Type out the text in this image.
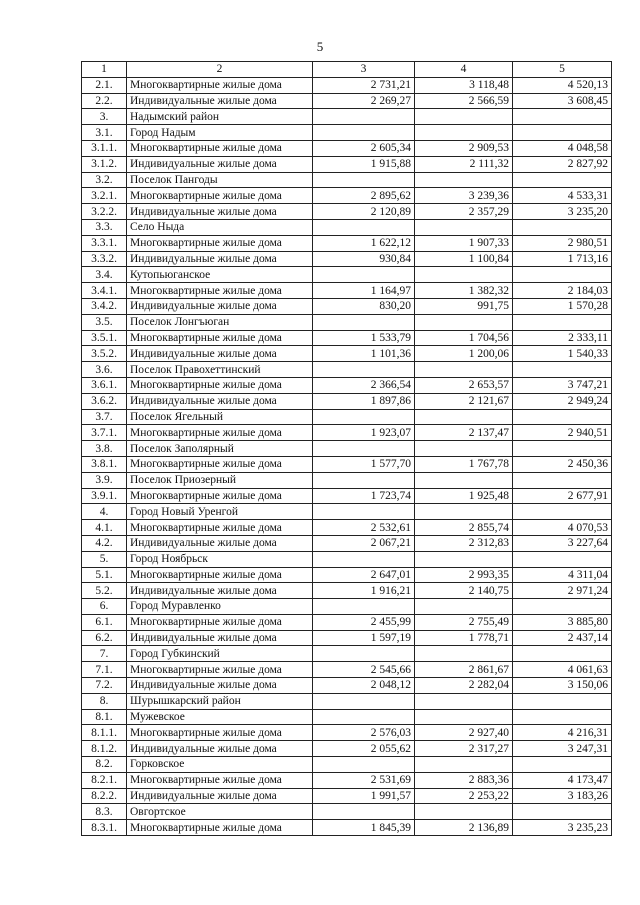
5
1	2	3	4	5
2.1.	Многоквартирные жилые дома	2 731,21	3 118,48	4 520,13
2.2.	Индивидуальные жилые дома	2 269,27	2 566,59	3 608,45
3.	Надымский район			
3.1.	Город Надым			
3.1.1.	Многоквартирные жилые дома	2 605,34	2 909,53	4 048,58
3.1.2.	Индивидуальные жилые дома	1 915,88	2 111,32	2 827,92
3.2.	Поселок Пангоды			
3.2.1.	Многоквартирные жилые дома	2 895,62	3 239,36	4 533,31
3.2.2.	Индивидуальные жилые дома	2 120,89	2 357,29	3 235,20
3.3.	Село Ныда			
3.3.1.	Многоквартирные жилые дома	1 622,12	1 907,33	2 980,51
3.3.2.	Индивидуальные жилые дома	930,84	1 100,84	1 713,16
3.4.	Кутопьюганское			
3.4.1.	Многоквартирные жилые дома	1 164,97	1 382,32	2 184,03
3.4.2.	Индивидуальные жилые дома	830,20	991,75	1 570,28
3.5.	Поселок Лонгъюган			
3.5.1.	Многоквартирные жилые дома	1 533,79	1 704,56	2 333,11
3.5.2.	Индивидуальные жилые дома	1 101,36	1 200,06	1 540,33
3.6.	Поселок Правохеттинский			
3.6.1.	Многоквартирные жилые дома	2 366,54	2 653,57	3 747,21
3.6.2.	Индивидуальные жилые дома	1 897,86	2 121,67	2 949,24
3.7.	Поселок Ягельный			
3.7.1.	Многоквартирные жилые дома	1 923,07	2 137,47	2 940,51
3.8.	Поселок Заполярный			
3.8.1.	Многоквартирные жилые дома	1 577,70	1 767,78	2 450,36
3.9.	Поселок Приозерный			
3.9.1.	Многоквартирные жилые дома	1 723,74	1 925,48	2 677,91
4.	Город Новый Уренгой			
4.1.	Многоквартирные жилые дома	2 532,61	2 855,74	4 070,53
4.2.	Индивидуальные жилые дома	2 067,21	2 312,83	3 227,64
5.	Город Ноябрьск			
5.1.	Многоквартирные жилые дома	2 647,01	2 993,35	4 311,04
5.2.	Индивидуальные жилые дома	1 916,21	2 140,75	2 971,24
6.	Город Муравленко			
6.1.	Многоквартирные жилые дома	2 455,99	2 755,49	3 885,80
6.2.	Индивидуальные жилые дома	1 597,19	1 778,71	2 437,14
7.	Город Губкинский			
7.1.	Многоквартирные жилые дома	2 545,66	2 861,67	4 061,63
7.2.	Индивидуальные жилые дома	2 048,12	2 282,04	3 150,06
8.	Шурышкарский район			
8.1.	Мужевское			
8.1.1.	Многоквартирные жилые дома	2 576,03	2 927,40	4 216,31
8.1.2.	Индивидуальные жилые дома	2 055,62	2 317,27	3 247,31
8.2.	Горковское			
8.2.1.	Многоквартирные жилые дома	2 531,69	2 883,36	4 173,47
8.2.2.	Индивидуальные жилые дома	1 991,57	2 253,22	3 183,26
8.3.	Овгортское			
8.3.1.	Многоквартирные жилые дома	1 845,39	2 136,89	3 235,23
